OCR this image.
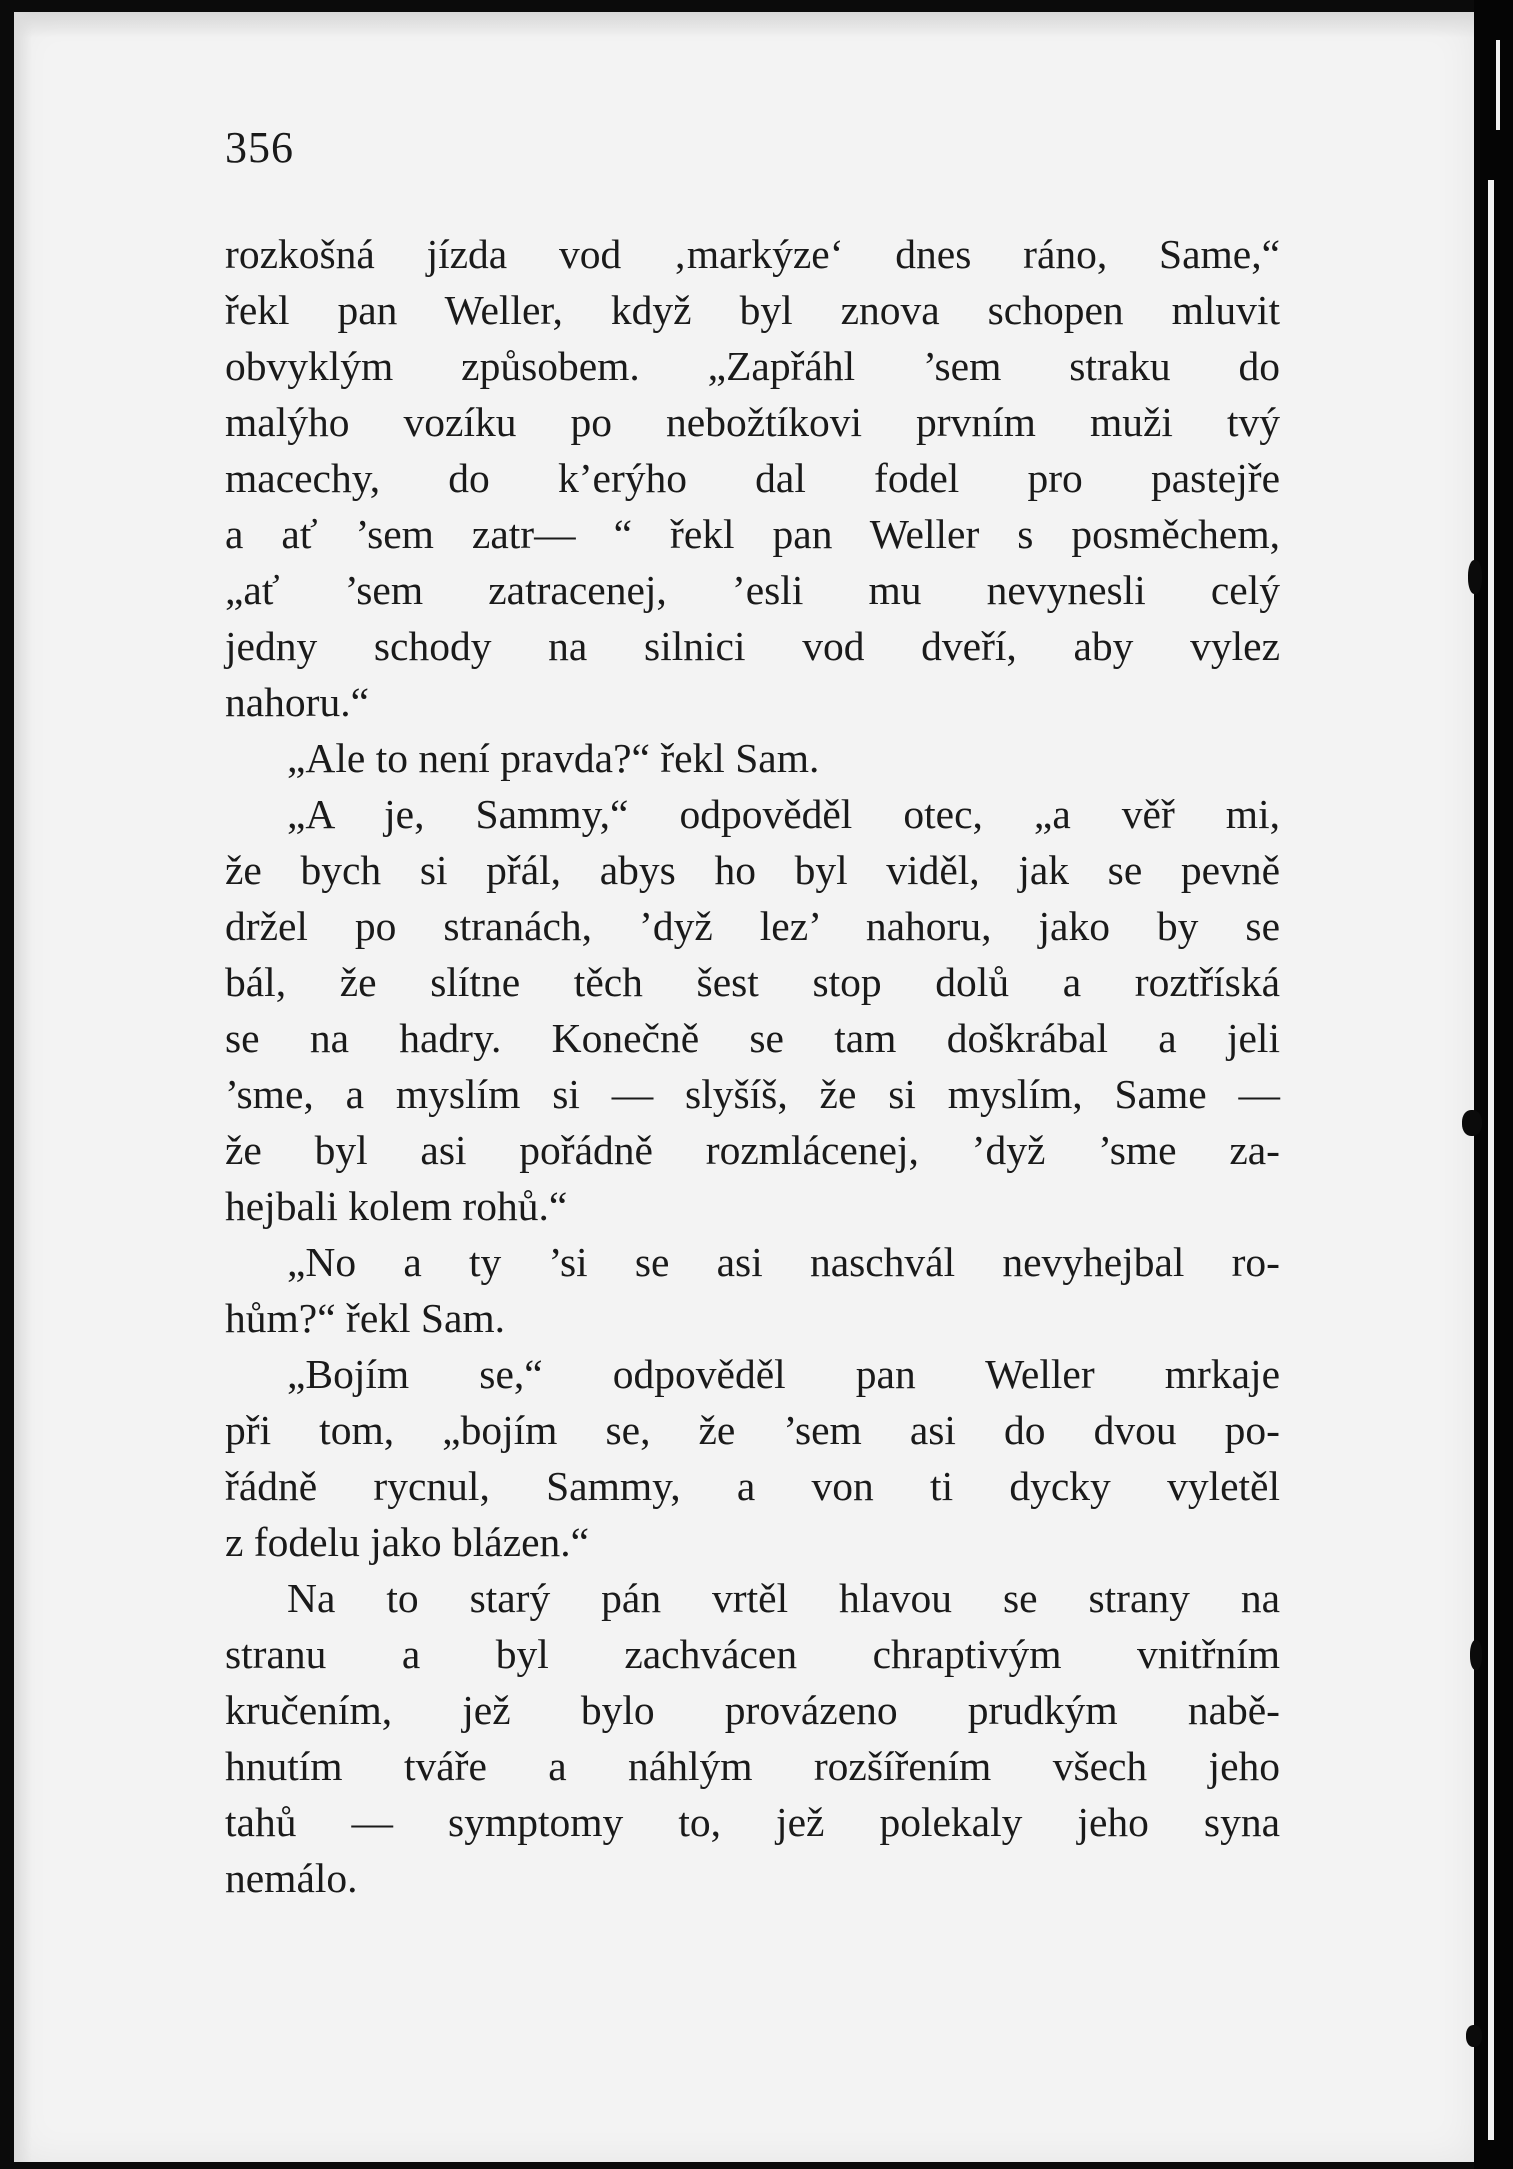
356
rozkošná jízda vod ‚markýze‘ dnes ráno, Same,“
řekl pan Weller, když byl znova schopen mluvit
obvyklým způsobem. „Zapřáhl ’sem straku do
malýho vozíku po nebožtíkovi prvním muži tvý
macechy, do k’erýho dal fodel pro pastejře
a ať ’sem zatr— “ řekl pan Weller s posměchem,
„ať ’sem zatracenej, ’esli mu nevynesli celý
jedny schody na silnici vod dveří, aby vylez
nahoru.“
„Ale to není pravda?“ řekl Sam.
„A je, Sammy,“ odpověděl otec, „a věř mi,
že bych si přál, abys ho byl viděl, jak se pevně
držel po stranách, ’dyž lez’ nahoru, jako by se
bál, že slítne těch šest stop dolů a roztříská
se na hadry. Konečně se tam doškrábal a jeli
’sme, a myslím si — slyšíš, že si myslím, Same —
že byl asi pořádně rozmlácenej, ’dyž ’sme za-
hejbali kolem rohů.“
„No a ty ’si se asi naschvál nevyhejbal ro-
hům?“ řekl Sam.
„Bojím se,“ odpověděl pan Weller mrkaje
při tom, „bojím se, že ’sem asi do dvou po-
řádně rycnul, Sammy, a von ti dycky vyletěl
z fodelu jako blázen.“
Na to starý pán vrtěl hlavou se strany na
stranu a byl zachvácen chraptivým vnitřním
kručením, jež bylo provázeno prudkým nabě-
hnutím tváře a náhlým rozšířením všech jeho
tahů — symptomy to, jež polekaly jeho syna
nemálo.
